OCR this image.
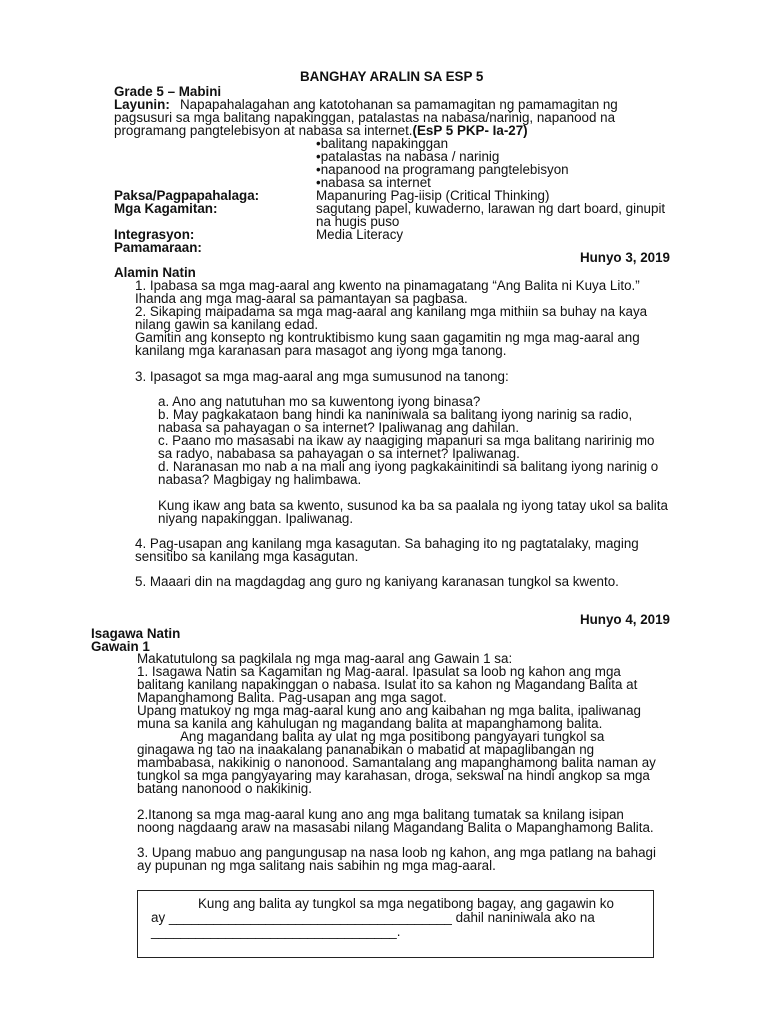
BANGHAY ARALIN SA ESP 5
Grade 5 – Mabini
Layunin: Napapahalagahan ang katotohanan sa pamamagitan ng pamamagitan ng
pagsusuri sa mga balitang napakinggan, patalastas na nabasa/narinig, napanood na
programang pangtelebisyon at nabasa sa internet.(EsP 5 PKP- Ia-27)
•balitang napakinggan
•patalastas na nabasa / narinig
•napanood na programang pangtelebisyon
•nabasa sa internet
Paksa/Pagpapahalaga:	Mapanuring Pag-iisip (Critical Thinking)
Mga Kagamitan:	sagutang papel, kuwaderno, larawan ng dart board, ginupit
na hugis puso
Integrasyon:	Media Literacy
Pamamaraan:
Hunyo 3, 2019
Alamin Natin
1. Ipabasa sa mga mag-aaral ang kwento na pinamagatang “Ang Balita ni Kuya Lito.”
Ihanda ang mga mag-aaral sa pamantayan sa pagbasa.
2. Sikaping maipadama sa mga mag-aaral ang kanilang mga mithiin sa buhay na kaya
nilang gawin sa kanilang edad.
Gamitin ang konsepto ng kontruktibismo kung saan gagamitin ng mga mag-aaral ang
kanilang mga karanasan para masagot ang iyong mga tanong.
3. Ipasagot sa mga mag-aaral ang mga sumusunod na tanong:
a. Ano ang natutuhan mo sa kuwentong iyong binasa?
b. May pagkakataon bang hindi ka naniniwala sa balitang iyong narinig sa radio,
nabasa sa pahayagan o sa internet? Ipaliwanag ang dahilan.
c. Paano mo masasabi na ikaw ay naagiging mapanuri sa mga balitang naririnig mo
sa radyo, nababasa sa pahayagan o sa internet? Ipaliwanag.
d. Naranasan mo nab a na mali ang iyong pagkakainitindi sa balitang iyong narinig o
nabasa? Magbigay ng halimbawa.
Kung ikaw ang bata sa kwento, susunod ka ba sa paalala ng iyong tatay ukol sa balita
niyang napakinggan. Ipaliwanag.
4. Pag-usapan ang kanilang mga kasagutan. Sa bahaging ito ng pagtatalaky, maging
sensitibo sa kanilang mga kasagutan.
5. Maaari din na magdagdag ang guro ng kaniyang karanasan tungkol sa kwento.
Hunyo 4, 2019
Isagawa Natin
Gawain 1
Makatutulong sa pagkilala ng mga mag-aaral ang Gawain 1 sa:
1. Isagawa Natin sa Kagamitan ng Mag-aaral. Ipasulat sa loob ng kahon ang mga
balitang kanilang napakinggan o nabasa. Isulat ito sa kahon ng Magandang Balita at
Mapanghamong Balita. Pag-usapan ang mga sagot.
Upang matukoy ng mga mag-aaral kung ano ang kaibahan ng mga balita, ipaliwanag
muna sa kanila ang kahulugan ng magandang balita at mapanghamong balita.
Ang magandang balita ay ulat ng mga positibong pangyayari tungkol sa
ginagawa ng tao na inaakalang pananabikan o mabatid at mapaglibangan ng
mambabasa, nakikinig o nanonood. Samantalang ang mapanghamong balita naman ay
tungkol sa mga pangyayaring may karahasan, droga, sekswal na hindi angkop sa mga
batang nanonood o nakikinig.
2.Itanong sa mga mag-aaral kung ano ang mga balitang tumatak sa knilang isipan
noong nagdaang araw na masasabi nilang Magandang Balita o Mapanghamong Balita.
3. Upang mabuo ang pangungusap na nasa loob ng kahon, ang mga patlang na bahagi
ay pupunan ng mga salitang nais sabihin ng mga mag-aaral.
Kung ang balita ay tungkol sa mga negatibong bagay, ang gagawin ko
ay ______________________________________ dahil naniniwala ako na
_________________________________.
